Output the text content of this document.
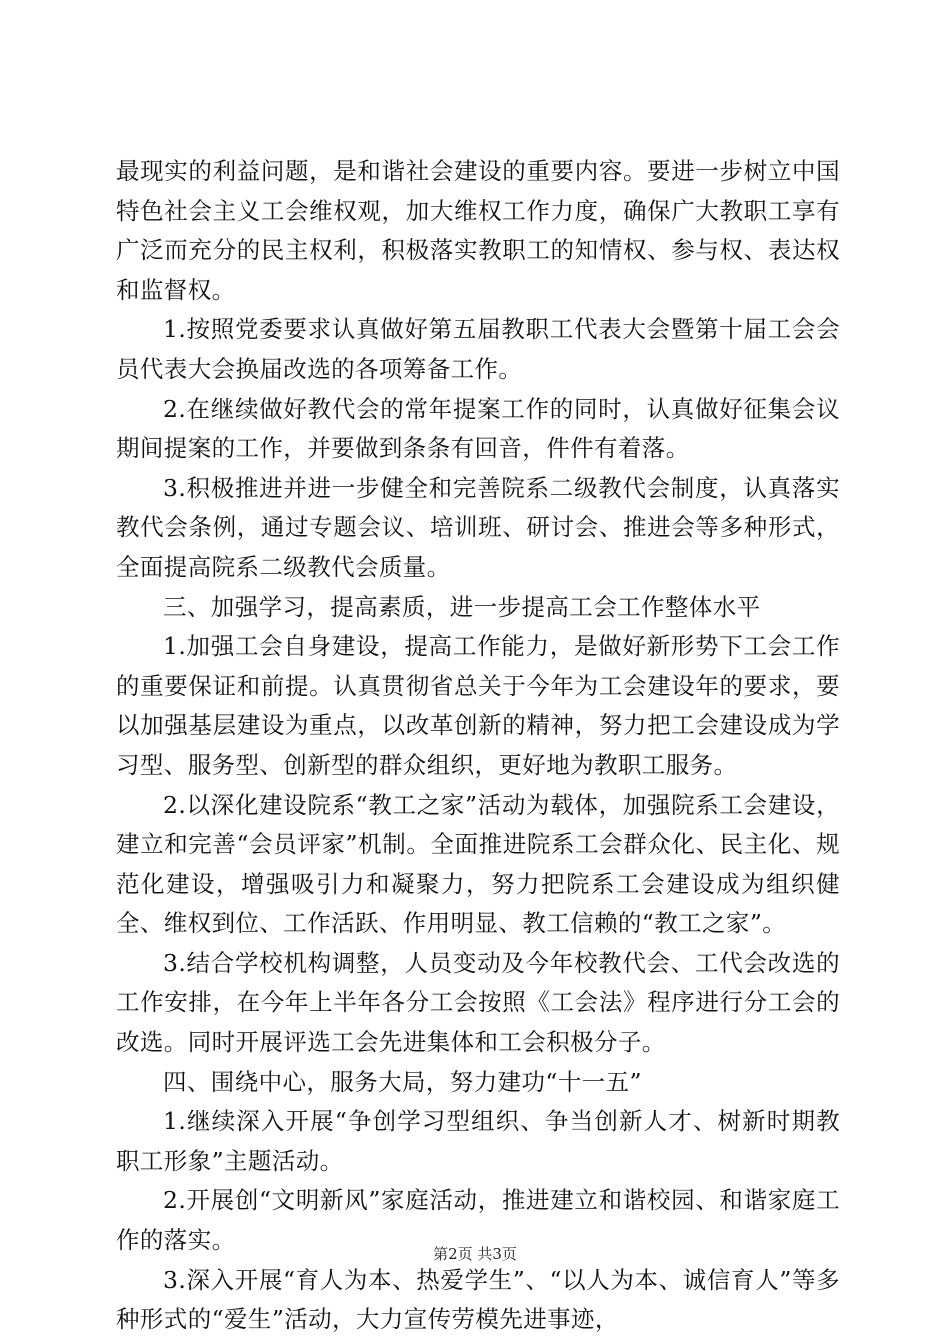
最现实的利益问题，是和谐社会建设的重要内容。要进一步树立中国特色社会主义工会维权观，加大维权工作力度，确保广大教职工享有广泛而充分的民主权利，积极落实教职工的知情权、参与权、表达权和监督权。

1.按照党委要求认真做好第五届教职工代表大会暨第十届工会会员代表大会换届改选的各项筹备工作。

2.在继续做好教代会的常年提案工作的同时，认真做好征集会议期间提案的工作，并要做到条条有回音，件件有着落。

3.积极推进并进一步健全和完善院系二级教代会制度，认真落实教代会条例，通过专题会议、培训班、研讨会、推进会等多种形式，全面提高院系二级教代会质量。

三、加强学习，提高素质，进一步提高工会工作整体水平

1.加强工会自身建设，提高工作能力，是做好新形势下工会工作的重要保证和前提。认真贯彻省总关于今年为工会建设年的要求，要以加强基层建设为重点，以改革创新的精神，努力把工会建设成为学习型、服务型、创新型的群众组织，更好地为教职工服务。

2.以深化建设院系“教工之家”活动为载体，加强院系工会建设，建立和完善“会员评家”机制。全面推进院系工会群众化、民主化、规范化建设，增强吸引力和凝聚力，努力把院系工会建设成为组织健全、维权到位、工作活跃、作用明显、教工信赖的“教工之家”。

3.结合学校机构调整，人员变动及今年校教代会、工代会改选的工作安排，在今年上半年各分工会按照《工会法》程序进行分工会的改选。同时开展评选工会先进集体和工会积极分子。

四、围绕中心，服务大局，努力建功“十一五”

1.继续深入开展“争创学习型组织、争当创新人才、树新时期教职工形象”主题活动。

2.开展创“文明新风”家庭活动，推进建立和谐校园、和谐家庭工作的落实。

3.深入开展“育人为本、热爱学生”、“以人为本、诚信育人”等多种形式的“爱生”活动，大力宣传劳模先进事迹，

第2页 共3页
